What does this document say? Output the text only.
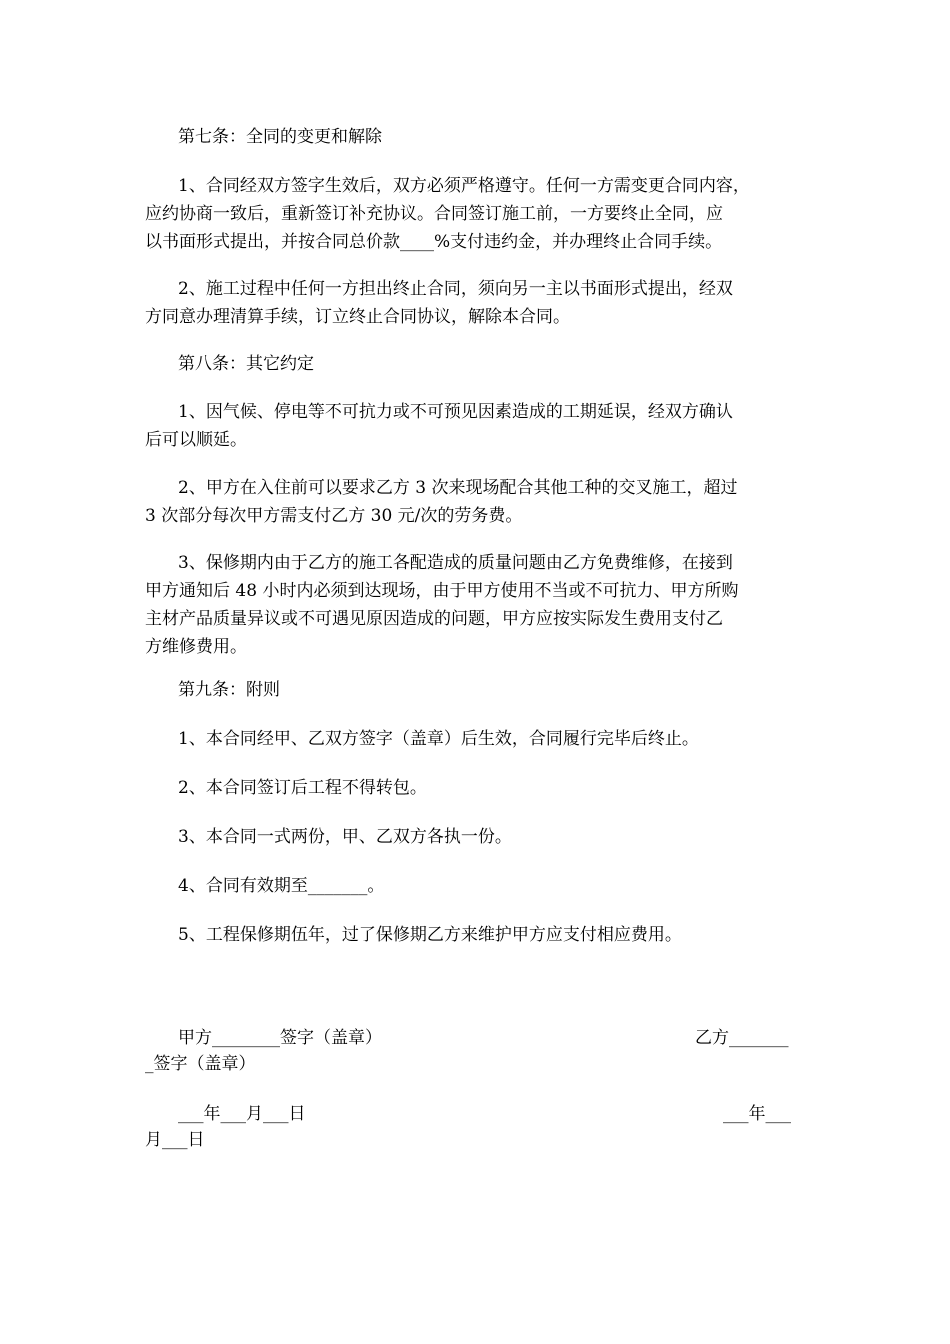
第七条：全同的变更和解除
1、合同经双方签字生效后，双方必须严格遵守。任何一方需变更合同内容，
应约协商一致后，重新签订补充协议。合同签订施工前，一方要终止全同，应
以书面形式提出，并按合同总价款____%支付违约金，并办理终止合同手续。
2、施工过程中任何一方担出终止合同，须向另一主以书面形式提出，经双
方同意办理清算手续，订立终止合同协议，解除本合同。
第八条：其它约定
1、因气候、停电等不可抗力或不可预见因素造成的工期延误，经双方确认
后可以顺延。
2、甲方在入住前可以要求乙方 3 次来现场配合其他工种的交叉施工，超过
3 次部分每次甲方需支付乙方 30 元/次的劳务费。
3、保修期内由于乙方的施工各配造成的质量问题由乙方免费维修，在接到
甲方通知后 48 小时内必须到达现场，由于甲方使用不当或不可抗力、甲方所购
主材产品质量异议或不可遇见原因造成的问题，甲方应按实际发生费用支付乙
方维修费用。
第九条：附则
1、本合同经甲、乙双方签字（盖章）后生效，合同履行完毕后终止。
2、本合同签订后工程不得转包。
3、本合同一式两份，甲、乙双方各执一份。
4、合同有效期至_______。
5、工程保修期伍年，过了保修期乙方来维护甲方应支付相应费用。
甲方________签字（盖章）	乙方_______
_签字（盖章）
___年___月___日	___年___
月___日
